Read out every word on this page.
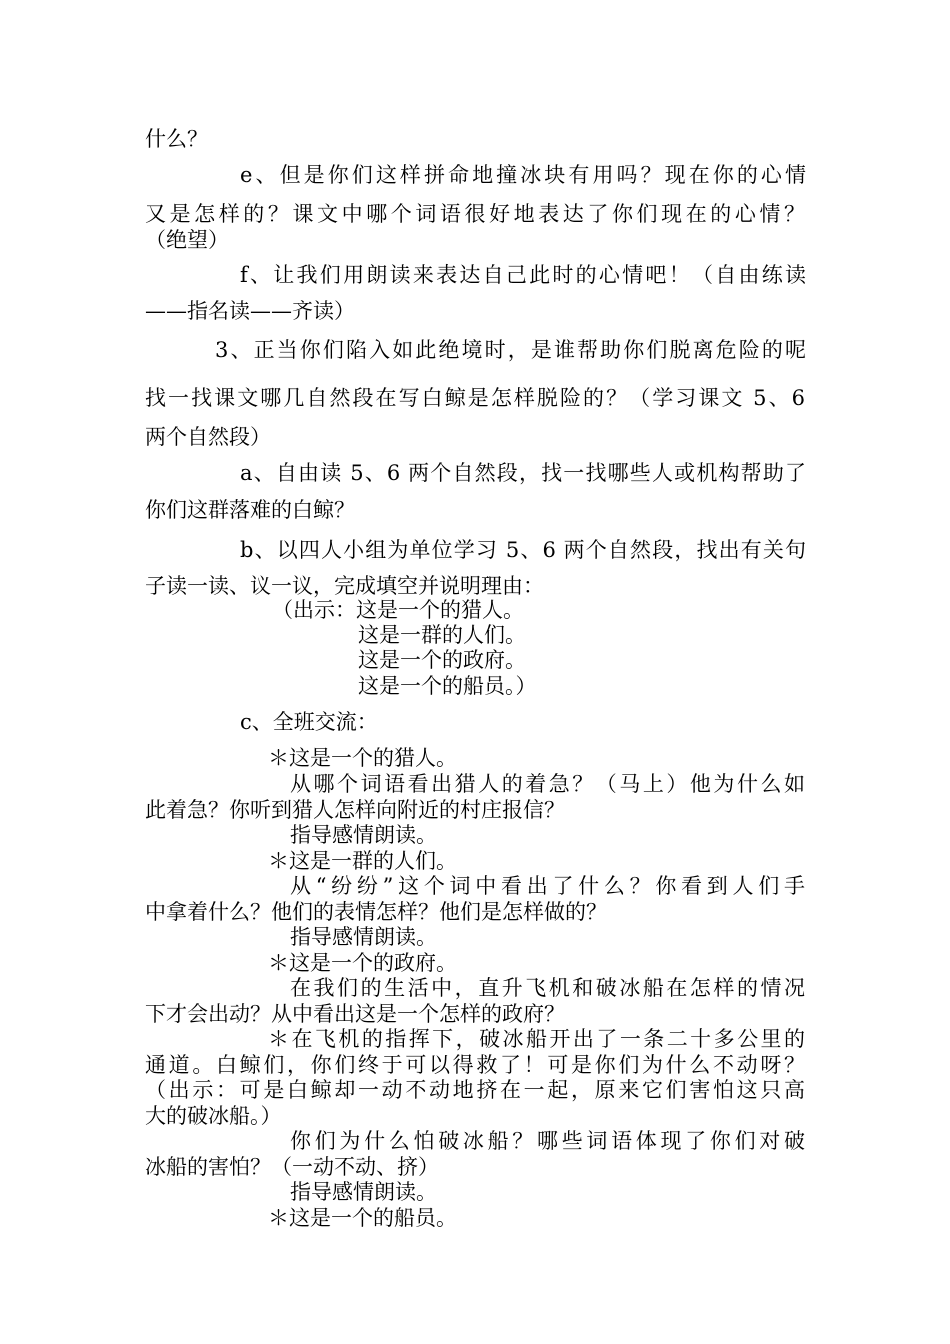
什么？
e、但是你们这样拼命地撞冰块有用吗？现在你的心情
又是怎样的？课文中哪个词语很好地表达了你们现在的心情？
（绝望）
f、让我们用朗读来表达自己此时的心情吧！（自由练读
——指名读——齐读）
3、正当你们陷入如此绝境时，是谁帮助你们脱离危险的呢
找一找课文哪几自然段在写白鲸是怎样脱险的？（学习课文 5、6
两个自然段）
a、自由读 5、6 两个自然段，找一找哪些人或机构帮助了
你们这群落难的白鲸？
b、以四人小组为单位学习 5、6 两个自然段，找出有关句
子读一读、议一议，完成填空并说明理由：
（出示：这是一个的猎人。
这是一群的人们。
这是一个的政府。
这是一个的船员。）
c、全班交流：
＊这是一个的猎人。
从哪个词语看出猎人的着急？（马上）他为什么如
此着急？你听到猎人怎样向附近的村庄报信？
指导感情朗读。
＊这是一群的人们。
从“纷纷”这个词中看出了什么？你看到人们手
中拿着什么？他们的表情怎样？他们是怎样做的？
指导感情朗读。
＊这是一个的政府。
在我们的生活中，直升飞机和破冰船在怎样的情况
下才会出动？从中看出这是一个怎样的政府？
＊在飞机的指挥下，破冰船开出了一条二十多公里的
通道。白鲸们，你们终于可以得救了！可是你们为什么不动呀？
（出示：可是白鲸却一动不动地挤在一起，原来它们害怕这只高
大的破冰船。）
你们为什么怕破冰船？哪些词语体现了你们对破
冰船的害怕？（一动不动、挤）
指导感情朗读。
＊这是一个的船员。
